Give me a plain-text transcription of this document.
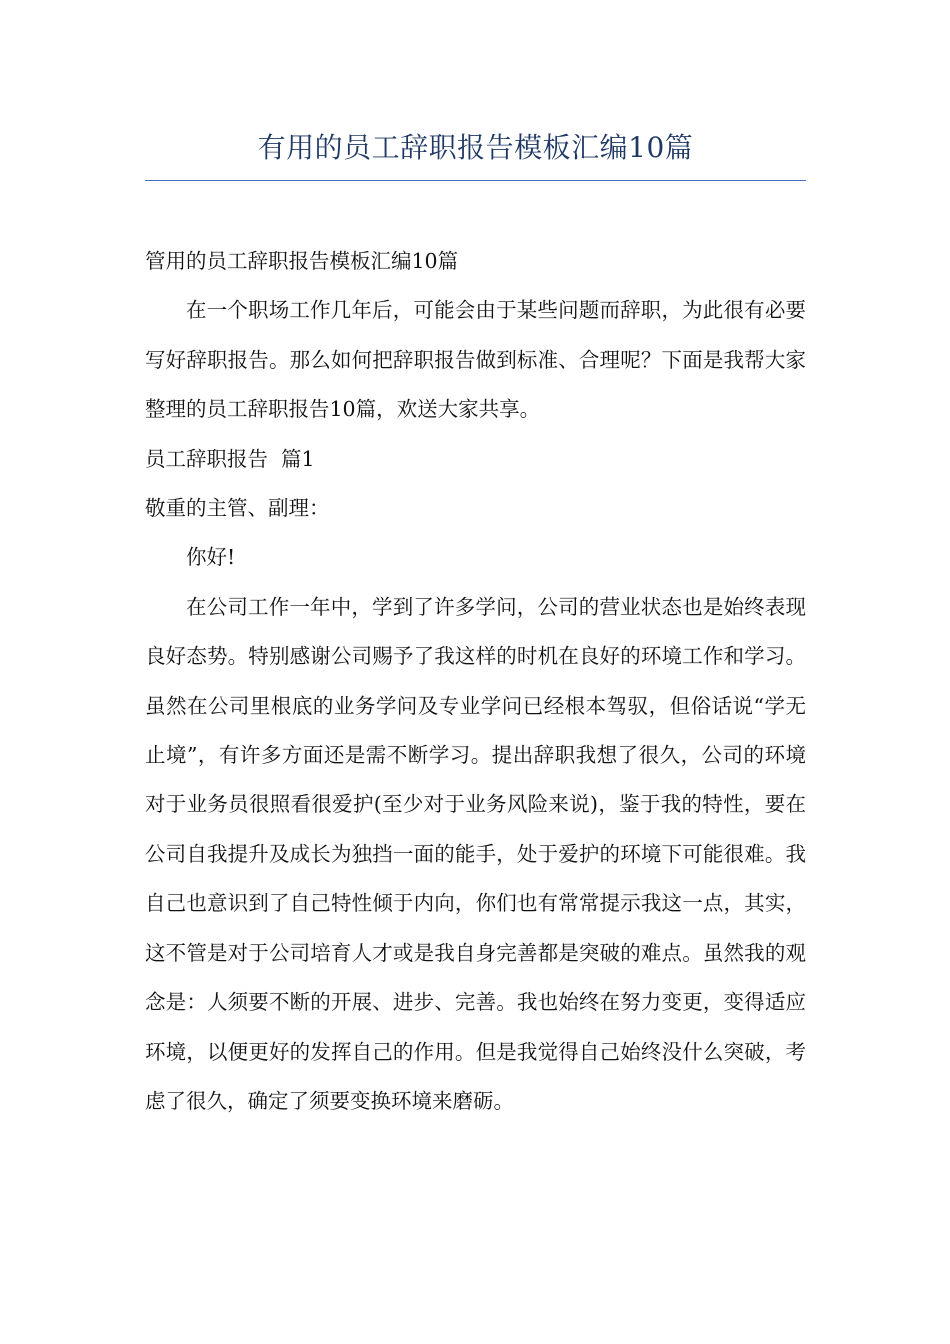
有用的员工辞职报告模板汇编10篇

管用的员工辞职报告模板汇编10篇

在一个职场工作几年后，可能会由于某些问题而辞职，为此很有必要写好辞职报告。那么如何把辞职报告做到标准、合理呢？下面是我帮大家整理的员工辞职报告10篇，欢送大家共享。

员工辞职报告  篇1

敬重的主管、副理：

你好!

在公司工作一年中，学到了许多学问，公司的营业状态也是始终表现良好态势。特别感谢公司赐予了我这样的时机在良好的环境工作和学习。虽然在公司里根底的业务学问及专业学问已经根本驾驭，但俗话说“学无止境”，有许多方面还是需不断学习。提出辞职我想了很久，公司的环境对于业务员很照看很爱护(至少对于业务风险来说)，鉴于我的特性，要在公司自我提升及成长为独挡一面的能手，处于爱护的环境下可能很难。我自己也意识到了自己特性倾于内向，你们也有常常提示我这一点，其实，这不管是对于公司培育人才或是我自身完善都是突破的难点。虽然我的观念是：人须要不断的开展、进步、完善。我也始终在努力变更，变得适应环境，以便更好的发挥自己的作用。但是我觉得自己始终没什么突破，考虑了很久，确定了须要变换环境来磨砺。
